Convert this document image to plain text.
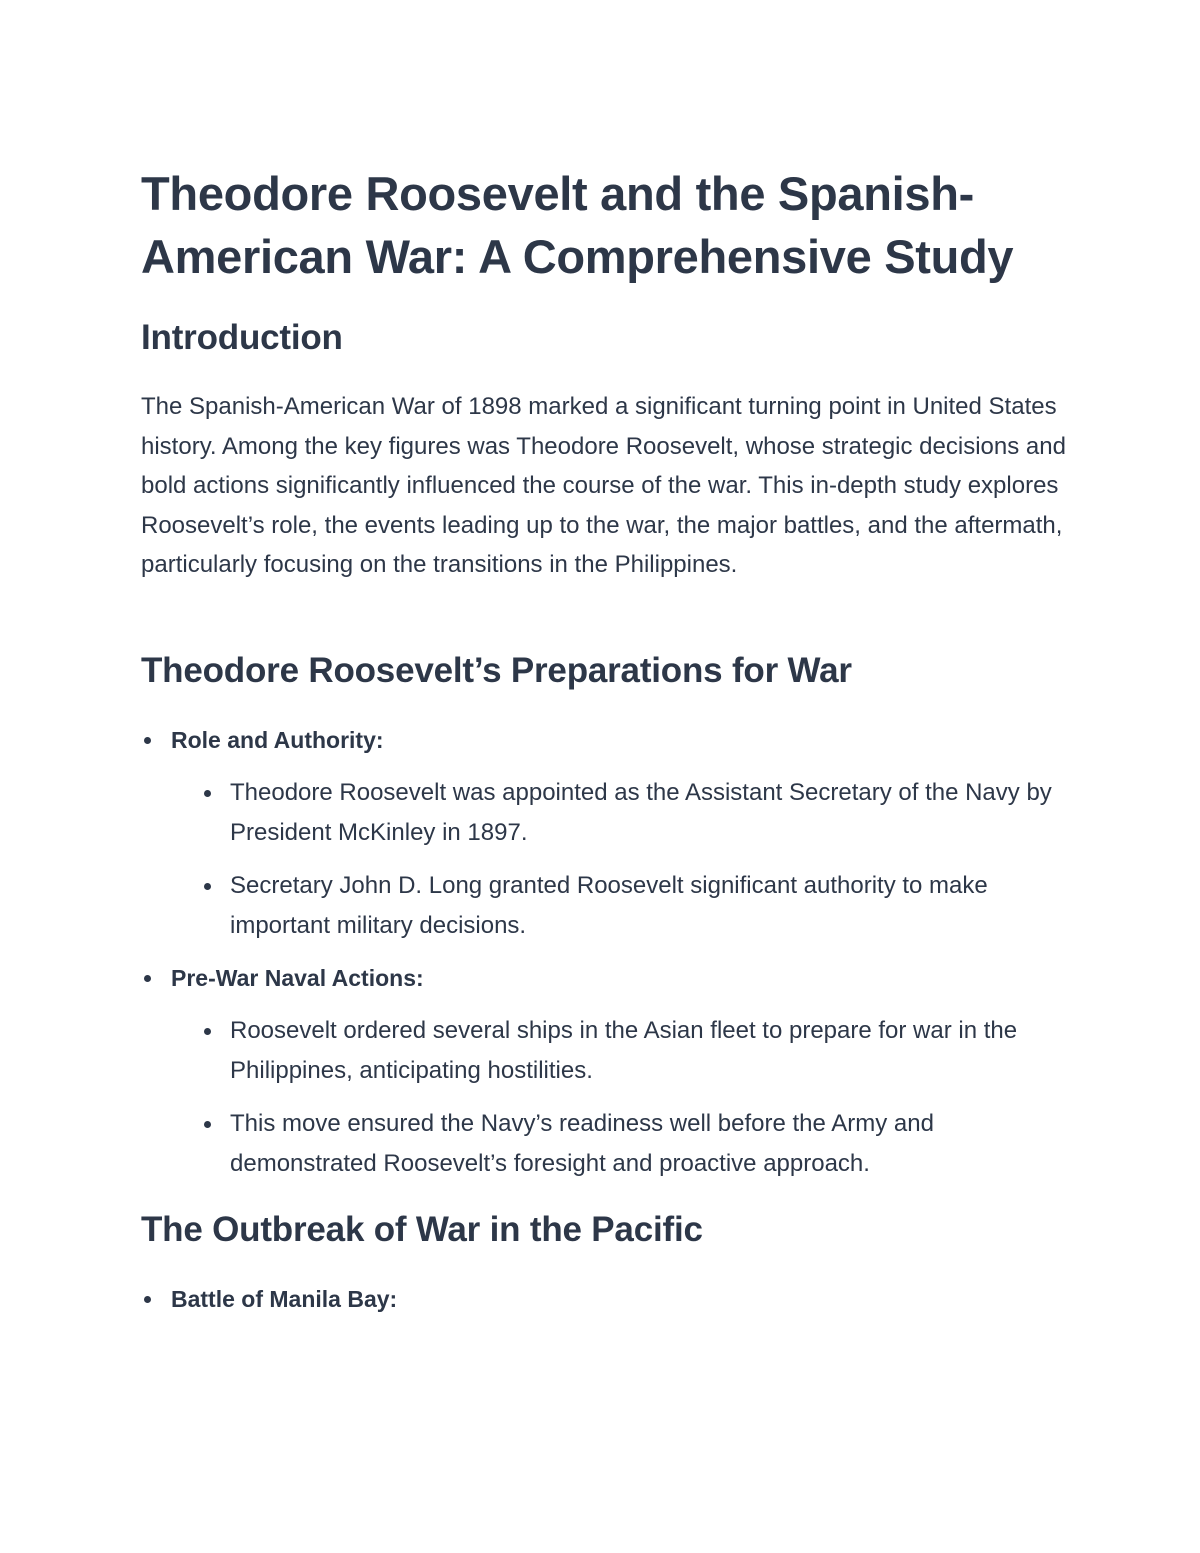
Theodore Roosevelt and the Spanish-American War: A Comprehensive Study
Introduction

The Spanish-American War of 1898 marked a significant turning point in United States history. Among the key figures was Theodore Roosevelt, whose strategic decisions and bold actions significantly influenced the course of the war. This in-depth study explores Roosevelt’s role, the events leading up to the war, the major battles, and the aftermath, particularly focusing on the transitions in the Philippines.

Theodore Roosevelt’s Preparations for War
Role and Authority:
Theodore Roosevelt was appointed as the Assistant Secretary of the Navy by President McKinley in 1897.
Secretary John D. Long granted Roosevelt significant authority to make important military decisions.
Pre-War Naval Actions:
Roosevelt ordered several ships in the Asian fleet to prepare for war in the Philippines, anticipating hostilities.
This move ensured the Navy’s readiness well before the Army and demonstrated Roosevelt’s foresight and proactive approach.
The Outbreak of War in the Pacific
Battle of Manila Bay:
